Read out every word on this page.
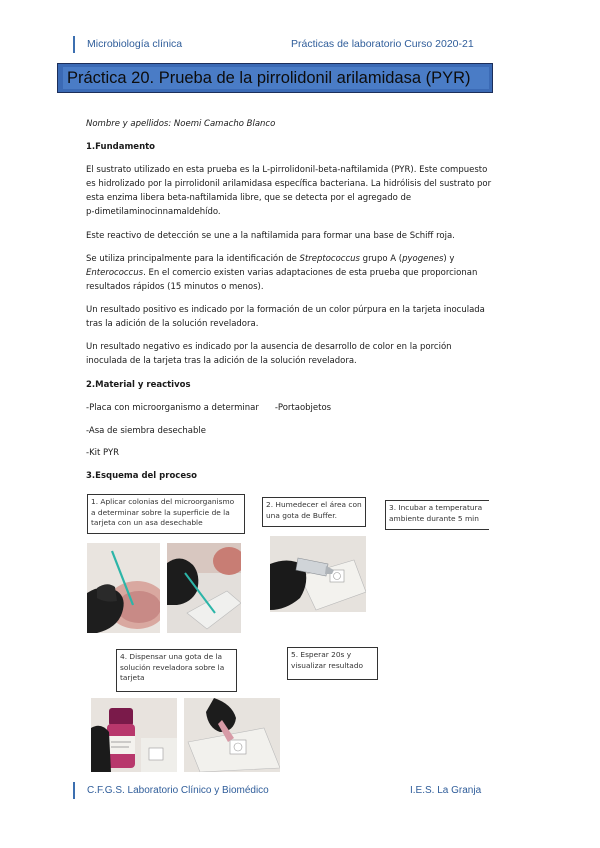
Microbiología clínica	Prácticas de laboratorio Curso 2020-21
Práctica 20. Prueba de la pirrolidonil arilamidasa (PYR)
Nombre y apellidos: Noemi Camacho Blanco
1.Fundamento
El sustrato utilizado en esta prueba es la L-pirrolidonil-beta-naftilamida (PYR). Este compuesto
es hidrolizado por la pirrolidonil arilamidasa específica bacteriana. La hidrólisis del sustrato por
esta enzima libera beta-naftilamida libre, que se detecta por el agregado de
p-dimetilaminocinnamaldehído.
Este reactivo de detección se une a la naftilamida para formar una base de Schiff roja.
Se utiliza principalmente para la identificación de Streptococcus grupo A (pyogenes) y
Enterococcus. En el comercio existen varias adaptaciones de esta prueba que proporcionan
resultados rápidos (15 minutos o menos).
Un resultado positivo es indicado por la formación de un color púrpura en la tarjeta inoculada
tras la adición de la solución reveladora.
Un resultado negativo es indicado por la ausencia de desarrollo de color en la porción
inoculada de la tarjeta tras la adición de la solución reveladora.
2.Material y reactivos
-Placa con microorganismo a determinar -Portaobjetos
-Asa de siembra desechable
-Kit PYR
3.Esquema del proceso
1. Aplicar colonias del microorganismo
a determinar sobre la superficie de la
tarjeta con un asa desechable
2. Humedecer el área con
una gota de Buffer.
3. Incubar a temperatura
ambiente durante 5 min
4. Dispensar una gota de la
solución reveladora sobre la
tarjeta
5. Esperar 20s y
visualizar resultado
C.F.G.S. Laboratorio Clínico y Biomédico	I.E.S. La Granja
